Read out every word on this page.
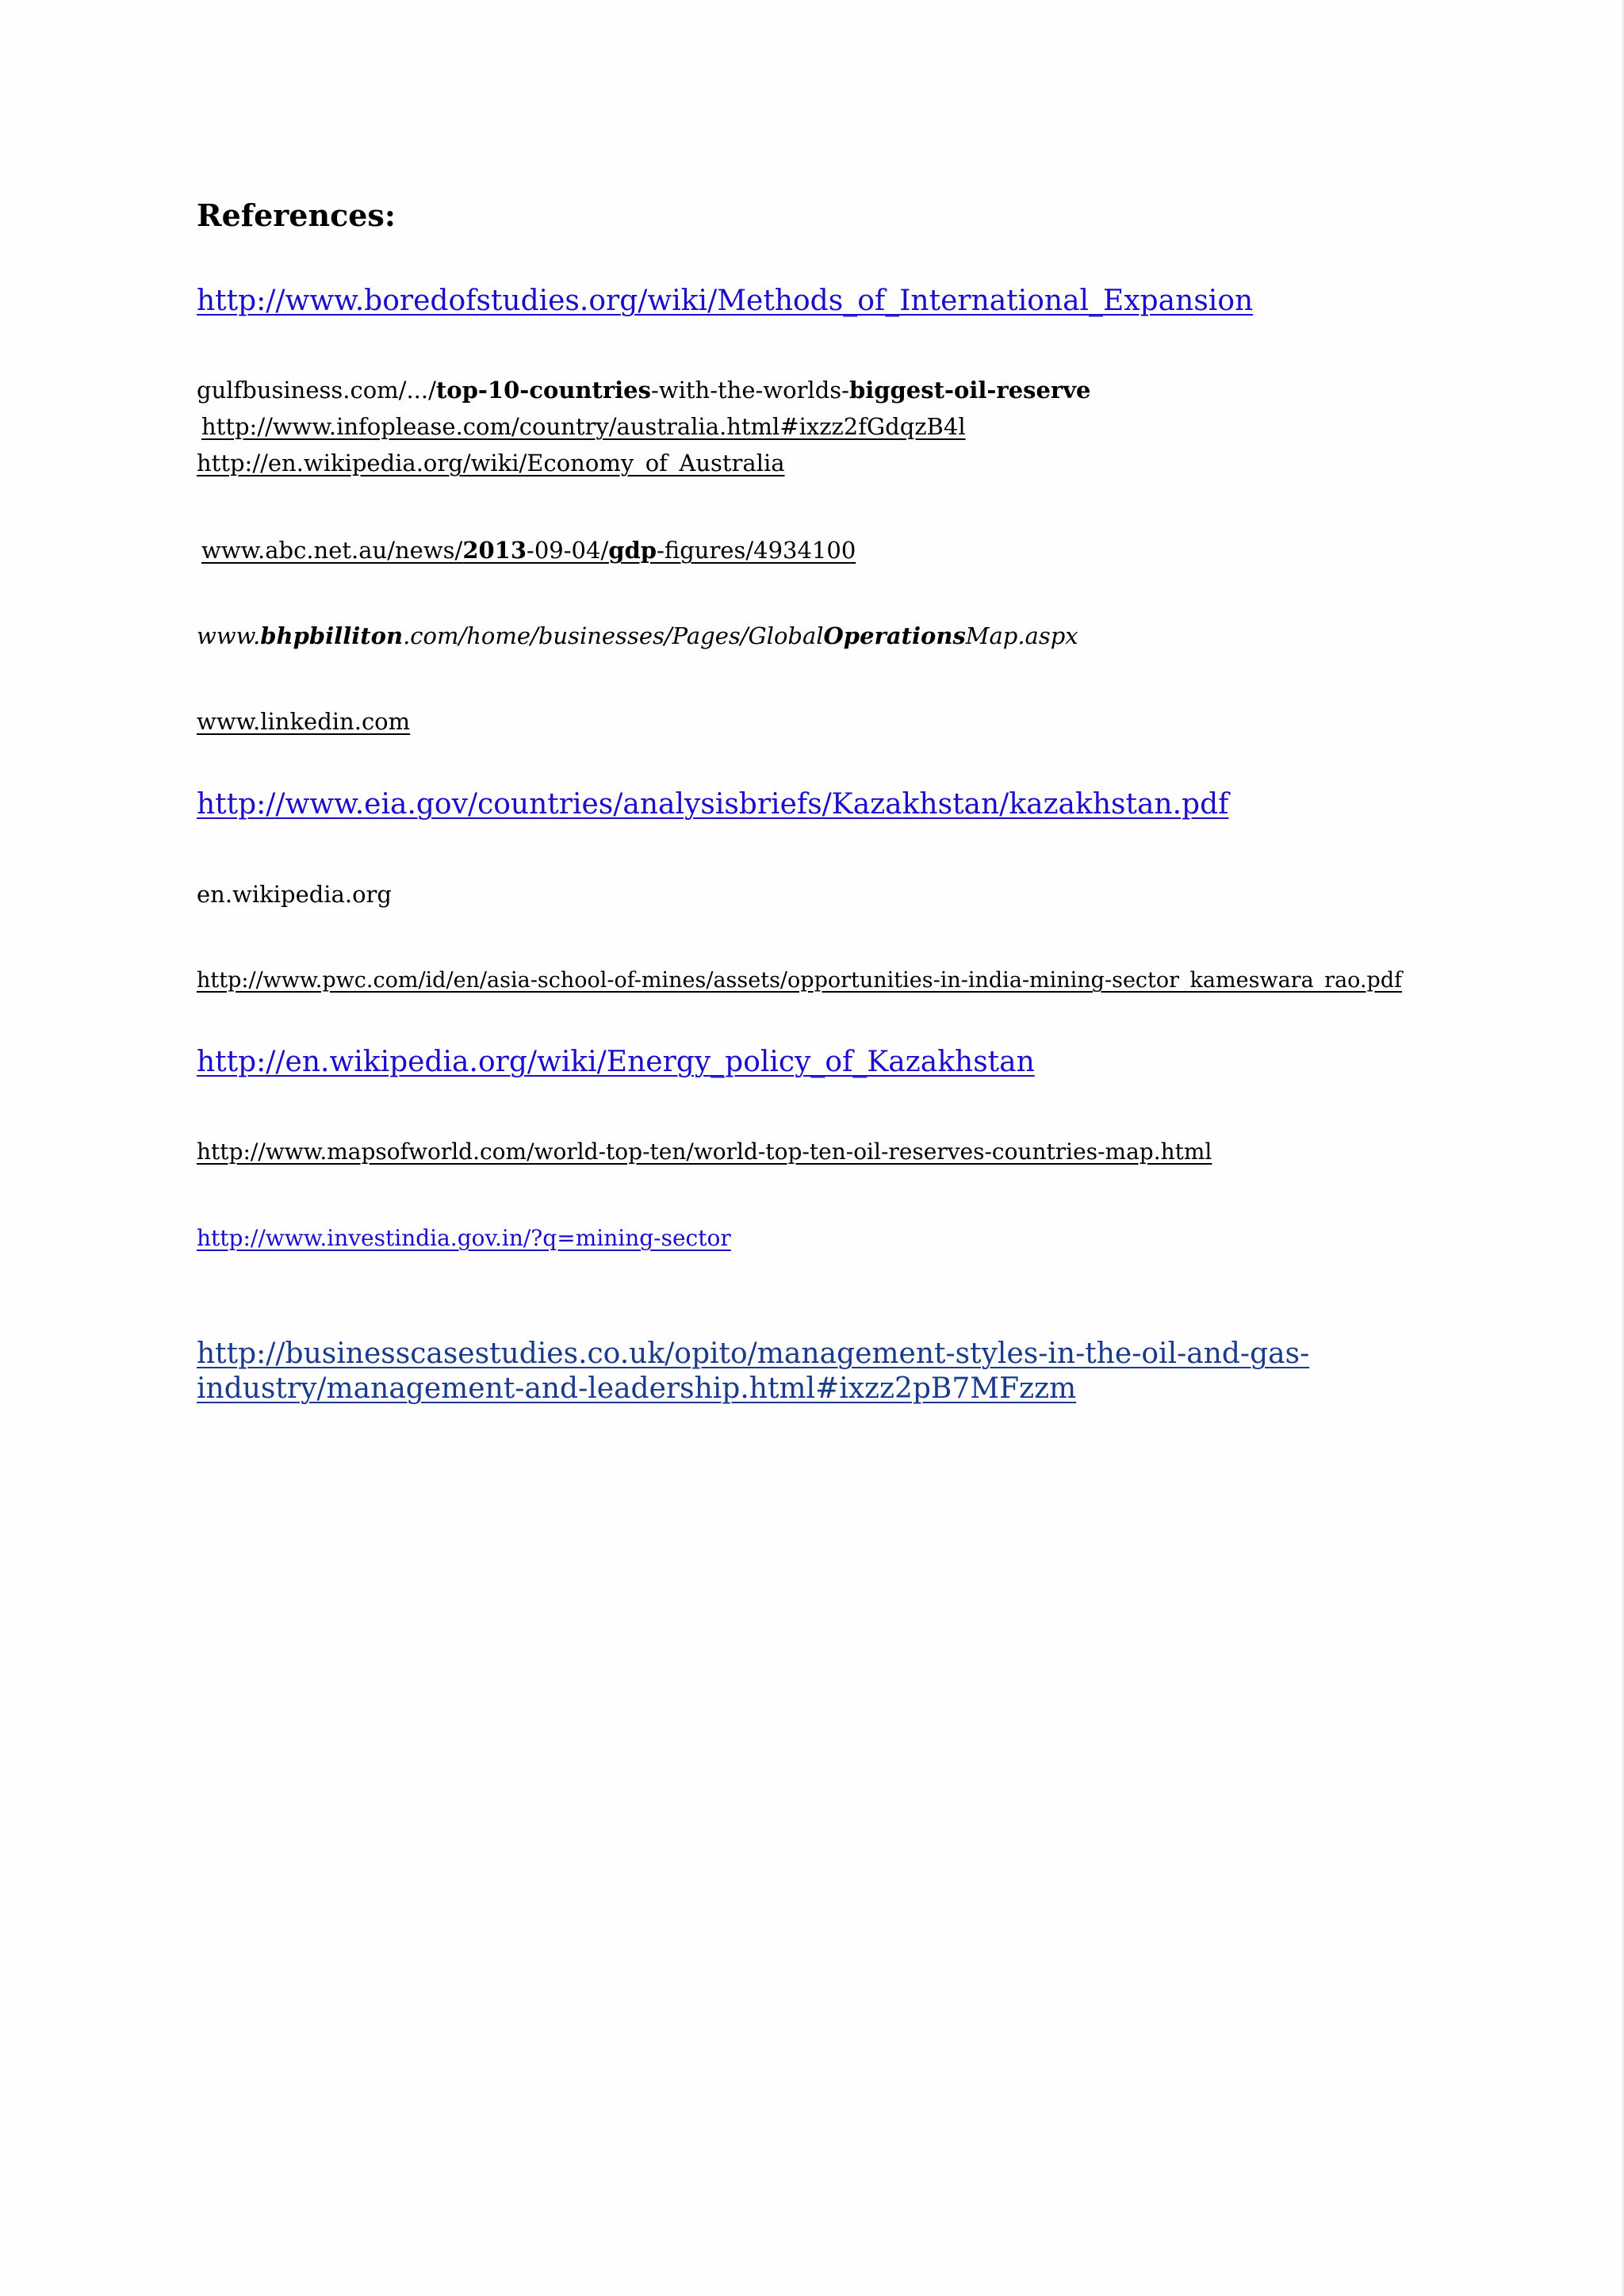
References:
http://www.boredofstudies.org/wiki/Methods_of_International_Expansion
gulfbusiness.com/.../top-10-countries-with-the-worlds-biggest-oil-reserve
http://www.infoplease.com/country/australia.html#ixzz2fGdqzB4l
http://en.wikipedia.org/wiki/Economy_of_Australia
www.abc.net.au/news/2013-09-04/gdp-figures/4934100
www.bhpbilliton.com/home/businesses/Pages/GlobalOperationsMap.aspx
www.linkedin.com
http://www.eia.gov/countries/analysisbriefs/Kazakhstan/kazakhstan.pdf
en.wikipedia.org
http://www.pwc.com/id/en/asia-school-of-mines/assets/opportunities-in-india-mining-sector_kameswara_rao.pdf
http://en.wikipedia.org/wiki/Energy_policy_of_Kazakhstan
http://www.mapsofworld.com/world-top-ten/world-top-ten-oil-reserves-countries-map.html
http://www.investindia.gov.in/?q=mining-sector
http://businesscasestudies.co.uk/opito/management-styles-in-the-oil-and-gas-
industry/management-and-leadership.html#ixzz2pB7MFzzm
